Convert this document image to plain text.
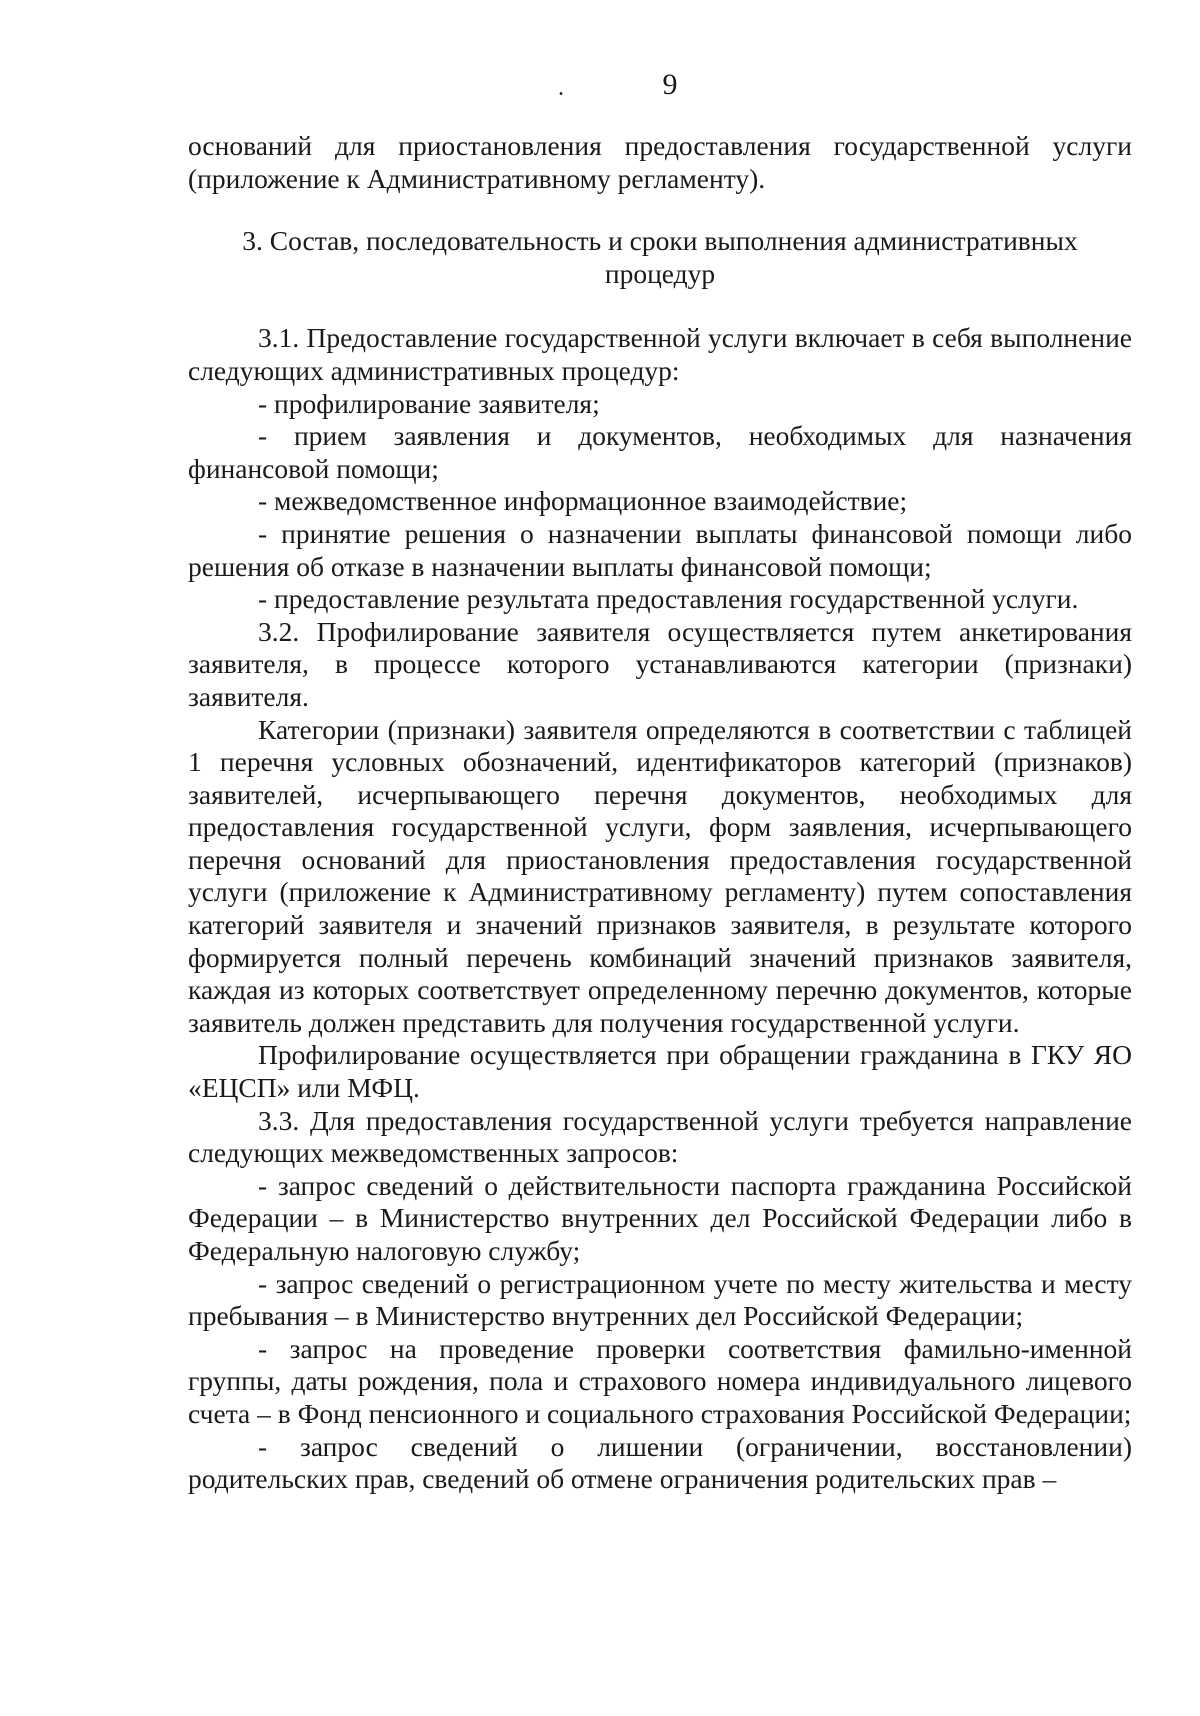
.	9

оснований для приостановления предоставления государственной услуги (приложение к Административному регламенту).

3. Состав, последовательность и сроки выполнения административных процедур

3.1. Предоставление государственной услуги включает в себя выполнение следующих административных процедур:

- профилирование заявителя;

- прием заявления и документов, необходимых для назначения финансовой помощи;

- межведомственное информационное взаимодействие;

- принятие решения о назначении выплаты финансовой помощи либо решения об отказе в назначении выплаты финансовой помощи;

- предоставление результата предоставления государственной услуги.

3.2. Профилирование заявителя осуществляется путем анкетирования заявителя, в процессе которого устанавливаются категории (признаки) заявителя.

Категории (признаки) заявителя определяются в соответствии с таблицей 1 перечня условных обозначений, идентификаторов категорий (признаков) заявителей, исчерпывающего перечня документов, необходимых для предоставления государственной услуги, форм заявления, исчерпывающего перечня оснований для приостановления предоставления государственной услуги (приложение к Административному регламенту) путем сопоставления категорий заявителя и значений признаков заявителя, в результате которого формируется полный перечень комбинаций значений признаков заявителя, каждая из которых соответствует определенному перечню документов, которые заявитель должен представить для получения государственной услуги.

Профилирование осуществляется при обращении гражданина в ГКУ ЯО «ЕЦСП» или МФЦ.

3.3. Для предоставления государственной услуги требуется направление следующих межведомственных запросов:

- запрос сведений о действительности паспорта гражданина Российской Федерации – в Министерство внутренних дел Российской Федерации либо в Федеральную налоговую службу;

- запрос сведений о регистрационном учете по месту жительства и месту пребывания – в Министерство внутренних дел Российской Федерации;

- запрос на проведение проверки соответствия фамильно-именной группы, даты рождения, пола и страхового номера индивидуального лицевого счета – в Фонд пенсионного и социального страхования Российской Федерации;

- запрос сведений о лишении (ограничении, восстановлении) родительских прав, сведений об отмене ограничения родительских прав –
